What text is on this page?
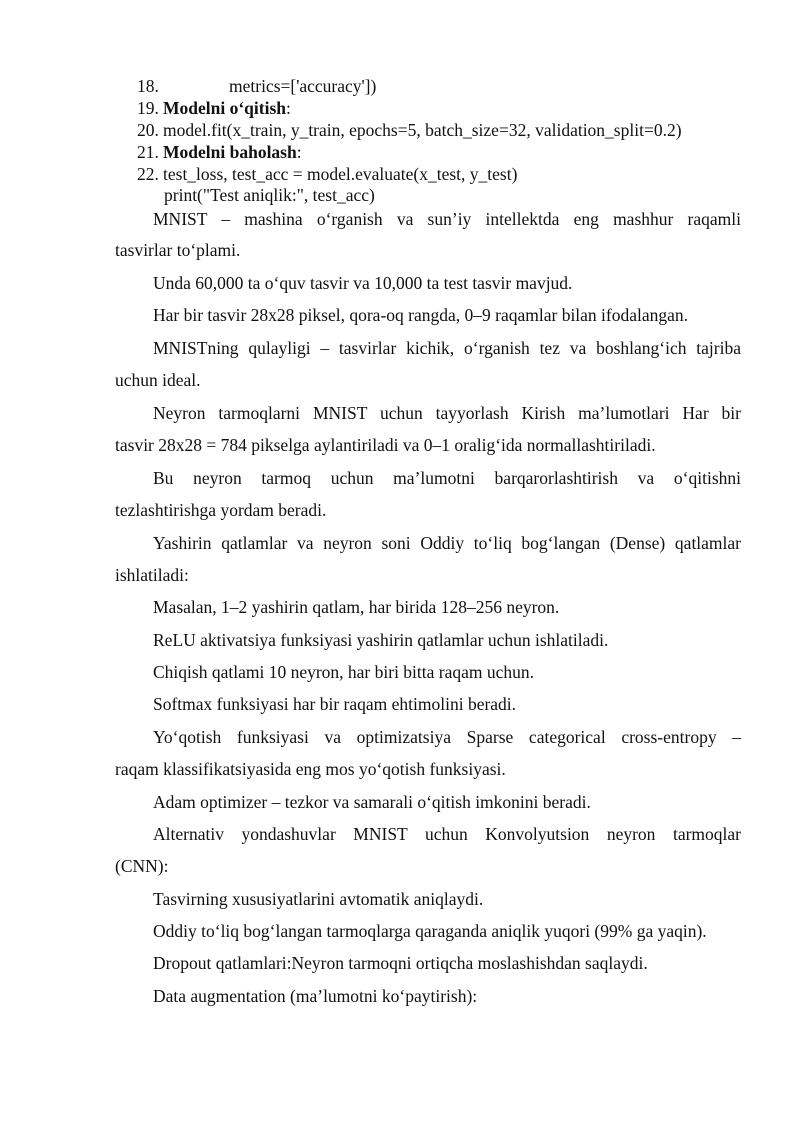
18.	metrics=['accuracy'])
19. Modelni o‘qitish:
20. model.fit(x_train, y_train, epochs=5, batch_size=32, validation_split=0.2)
21. Modelni baholash:
22. test_loss, test_acc = model.evaluate(x_test, y_test)
print("Test aniqlik:", test_acc)
MNIST – mashina o‘rganish va sun’iy intellektda eng mashhur raqamli
tasvirlar to‘plami.
Unda 60,000 ta o‘quv tasvir va 10,000 ta test tasvir mavjud.
Har bir tasvir 28x28 piksel, qora-oq rangda, 0–9 raqamlar bilan ifodalangan.
MNISTning qulayligi – tasvirlar kichik, o‘rganish tez va boshlang‘ich tajriba
uchun ideal.
Neyron tarmoqlarni MNIST uchun tayyorlash Kirish ma’lumotlari Har bir
tasvir 28x28 = 784 pikselga aylantiriladi va 0–1 oralig‘ida normallashtiriladi.
Bu neyron tarmoq uchun ma’lumotni barqarorlashtirish va o‘qitishni
tezlashtirishga yordam beradi.
Yashirin qatlamlar va neyron soni Oddiy to‘liq bog‘langan (Dense) qatlamlar
ishlatiladi:
Masalan, 1–2 yashirin qatlam, har birida 128–256 neyron.
ReLU aktivatsiya funksiyasi yashirin qatlamlar uchun ishlatiladi.
Chiqish qatlami 10 neyron, har biri bitta raqam uchun.
Softmax funksiyasi har bir raqam ehtimolini beradi.
Yo‘qotish funksiyasi va optimizatsiya Sparse categorical cross-entropy –
raqam klassifikatsiyasida eng mos yo‘qotish funksiyasi.
Adam optimizer – tezkor va samarali o‘qitish imkonini beradi.
Alternativ yondashuvlar MNIST uchun Konvolyutsion neyron tarmoqlar
(CNN):
Tasvirning xususiyatlarini avtomatik aniqlaydi.
Oddiy to‘liq bog‘langan tarmoqlarga qaraganda aniqlik yuqori (99% ga yaqin).
Dropout qatlamlari:Neyron tarmoqni ortiqcha moslashishdan saqlaydi.
Data augmentation (ma’lumotni ko‘paytirish):
